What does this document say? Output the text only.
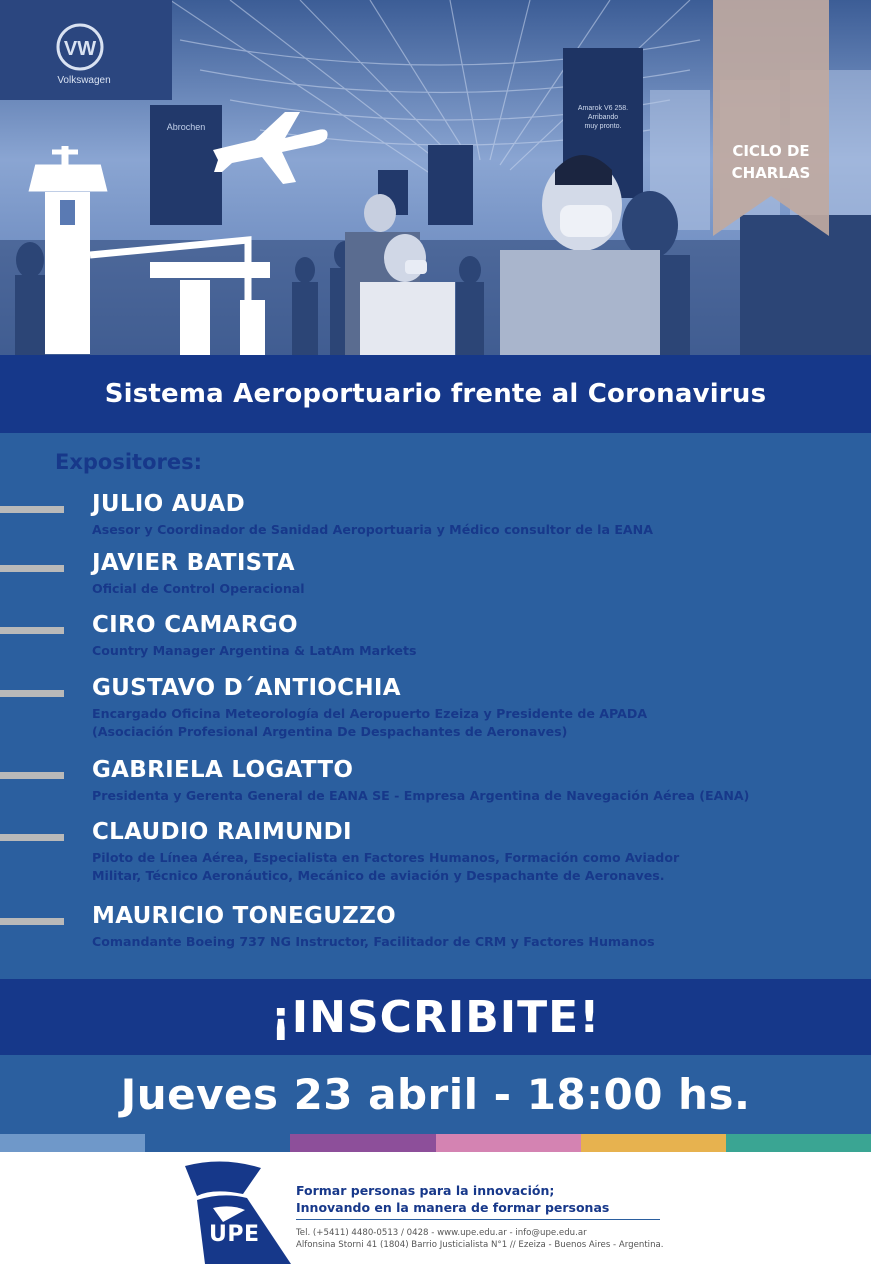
VW
Volkswagen
Abrochen
Amarok V6 258.
Arribando
muy pronto.
CICLO DE
CHARLAS
Sistema Aeroportuario frente al Coronavirus
Expositores:
JULIO AUAD
Asesor y Coordinador de Sanidad Aeroportuaria y Médico consultor de la EANA
JAVIER BATISTA
Oficial de Control Operacional
CIRO CAMARGO
Country Manager Argentina & LatAm Markets
GUSTAVO D´ANTIOCHIA
Encargado Oficina Meteorología del Aeropuerto Ezeiza y Presidente de APADA
(Asociación Profesional Argentina De Despachantes de Aeronaves)
GABRIELA LOGATTO
Presidenta y Gerenta General de EANA SE - Empresa Argentina de Navegación Aérea (EANA)
CLAUDIO RAIMUNDI
Piloto de Línea Aérea, Especialista en Factores Humanos, Formación como Aviador
Militar, Técnico Aeronáutico, Mecánico de aviación y Despachante de Aeronaves.
MAURICIO TONEGUZZO
Comandante Boeing 737 NG Instructor, Facilitador de CRM y Factores Humanos
¡INSCRIBITE!
Jueves 23 abril - 18:00 hs.
UPE
Formar personas para la innovación;
Innovando en la manera de formar personas
Tel. (+5411) 4480-0513 / 0428 - www.upe.edu.ar - info@upe.edu.ar
Alfonsina Storni 41 (1804) Barrio Justicialista N°1 // Ezeiza - Buenos Aires - Argentina.
